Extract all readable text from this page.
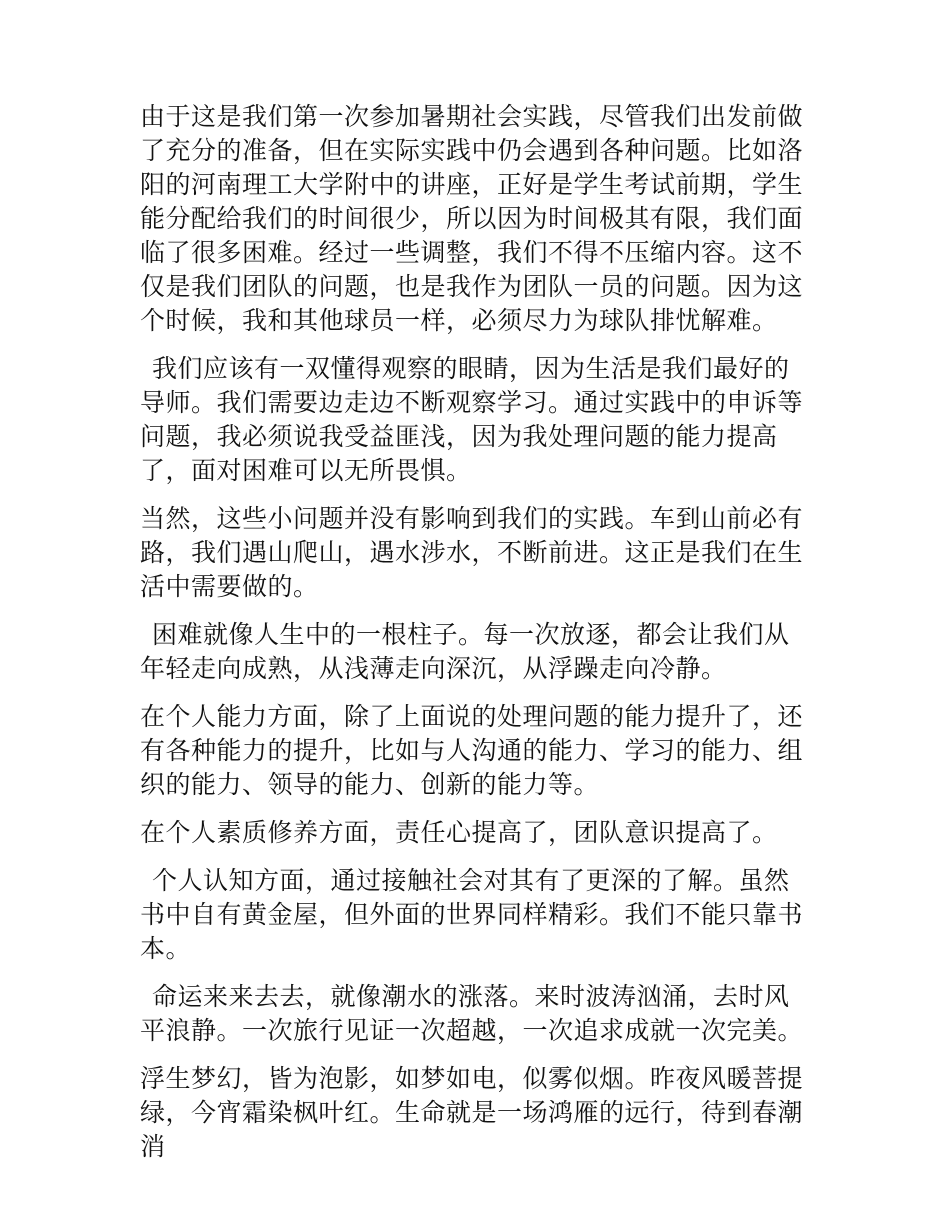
由于这是我们第一次参加暑期社会实践，尽管我们出发前做了充分的准备，但在实际实践中仍会遇到各种问题。比如洛阳的河南理工大学附中的讲座，正好是学生考试前期，学生能分配给我们的时间很少，所以因为时间极其有限，我们面临了很多困难。经过一些调整，我们不得不压缩内容。这不仅是我们团队的问题，也是我作为团队一员的问题。因为这个时候，我和其他球员一样，必须尽力为球队排忧解难。

我们应该有一双懂得观察的眼睛，因为生活是我们最好的导师。我们需要边走边不断观察学习。通过实践中的申诉等问题，我必须说我受益匪浅，因为我处理问题的能力提高了，面对困难可以无所畏惧。

当然，这些小问题并没有影响到我们的实践。车到山前必有路，我们遇山爬山，遇水涉水，不断前进。这正是我们在生活中需要做的。

困难就像人生中的一根柱子。每一次放逐，都会让我们从年轻走向成熟，从浅薄走向深沉，从浮躁走向冷静。

在个人能力方面，除了上面说的处理问题的能力提升了，还有各种能力的提升，比如与人沟通的能力、学习的能力、组织的能力、领导的能力、创新的能力等。

在个人素质修养方面，责任心提高了，团队意识提高了。

个人认知方面，通过接触社会对其有了更深的了解。虽然书中自有黄金屋，但外面的世界同样精彩。我们不能只靠书本。

命运来来去去，就像潮水的涨落。来时波涛汹涌，去时风平浪静。一次旅行见证一次超越，一次追求成就一次完美。

浮生梦幻，皆为泡影，如梦如电，似雾似烟。昨夜风暖菩提绿，今宵霜染枫叶红。生命就是一场鸿雁的远行，待到春潮消
